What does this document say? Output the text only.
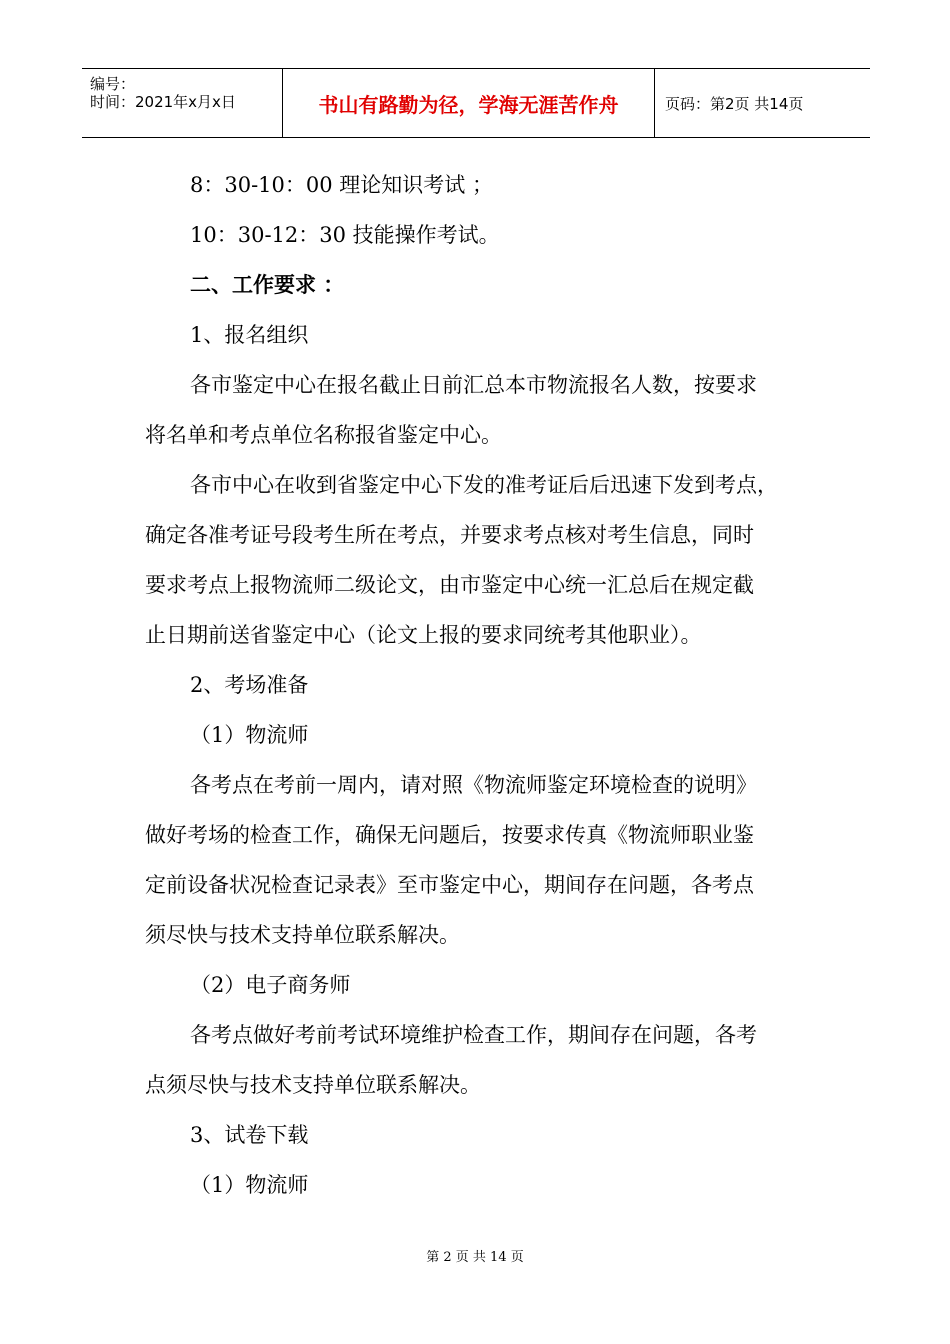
编号：
时间：2021年x月x日	书山有路勤为径，学海无涯苦作舟	页码：第2页 共14页
8：30-10：00 理论知识考试 ；
10：30-12：30 技能操作考试。
二、工作要求 ：
1、报名组织
各市鉴定中心在报名截止日前汇总本市物流报名人数，按要求
将名单和考点单位名称报省鉴定中心。
各市中心在收到省鉴定中心下发的准考证后后迅速下发到考点，
确定各准考证号段考生所在考点，并要求考点核对考生信息，同时
要求考点上报物流师二级论文，由市鉴定中心统一汇总后在规定截
止日期前送省鉴定中心（论文上报的要求同统考其他职业）。
2、考场准备
（1）物流师
各考点在考前一周内，请对照《物流师鉴定环境检查的说明》
做好考场的检查工作，确保无问题后，按要求传真《物流师职业鉴
定前设备状况检查记录表》至市鉴定中心，期间存在问题，各考点
须尽快与技术支持单位联系解决。
（2）电子商务师
各考点做好考前考试环境维护检查工作，期间存在问题，各考
点须尽快与技术支持单位联系解决。
3、试卷下载
（1）物流师
第 2 页 共 14 页
